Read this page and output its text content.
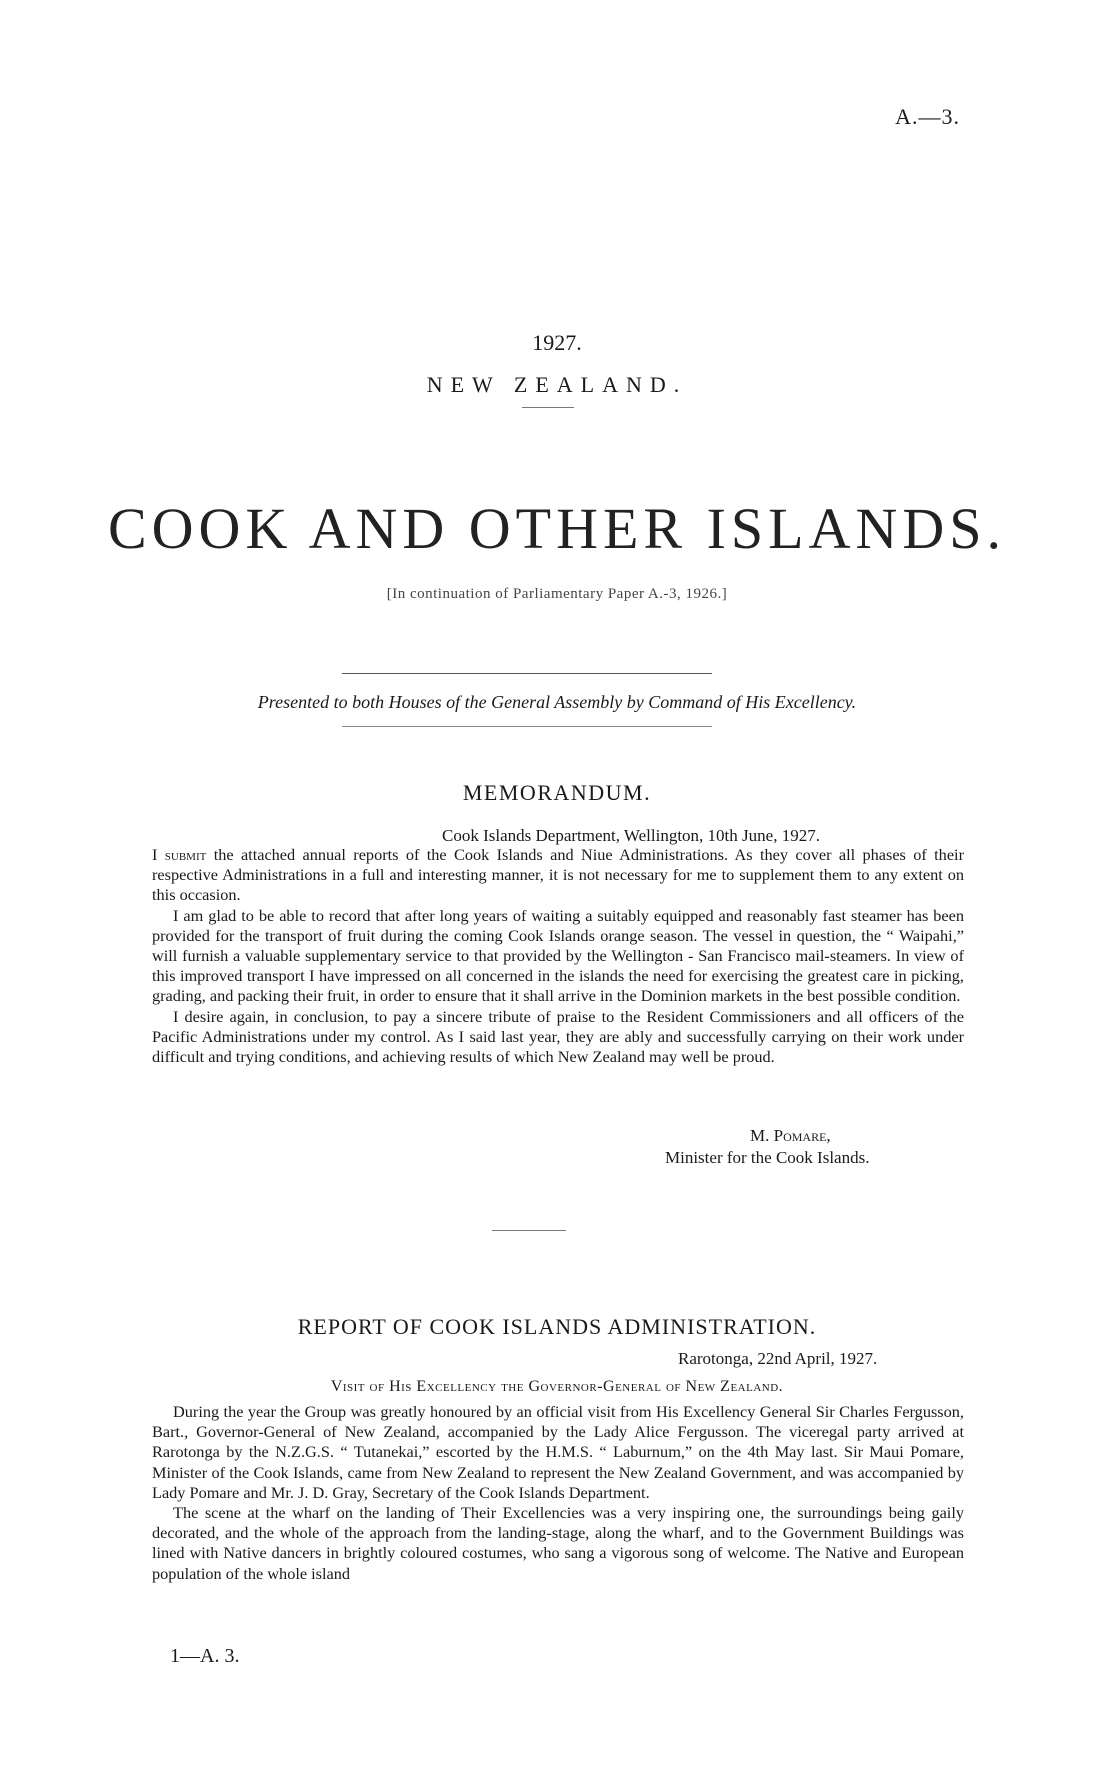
A.—3.
1927.
NEW ZEALAND.
COOK AND OTHER ISLANDS.
[In continuation of Parliamentary Paper A.-3, 1926.]
Presented to both Houses of the General Assembly by Command of His Excellency.
MEMORANDUM.
Cook Islands Department, Wellington, 10th June, 1927.

I submit the attached annual reports of the Cook Islands and Niue Administrations. As they cover all phases of their respective Administrations in a full and interesting manner, it is not necessary for me to supplement them to any extent on this occasion.

I am glad to be able to record that after long years of waiting a suitably equipped and reasonably fast steamer has been provided for the transport of fruit during the coming Cook Islands orange season. The vessel in question, the “ Waipahi,” will furnish a valuable supplementary service to that provided by the Wellington - San Francisco mail-steamers. In view of this improved transport I have impressed on all concerned in the islands the need for exercising the greatest care in picking, grading, and packing their fruit, in order to ensure that it shall arrive in the Dominion markets in the best possible condition.

I desire again, in conclusion, to pay a sincere tribute of praise to the Resident Commissioners and all officers of the Pacific Administrations under my control. As I said last year, they are ably and successfully carrying on their work under difficult and trying conditions, and achieving results of which New Zealand may well be proud.

M. Pomare,
Minister for the Cook Islands.
REPORT OF COOK ISLANDS ADMINISTRATION.
Rarotonga, 22nd April, 1927.
Visit of His Excellency the Governor-General of New Zealand.

During the year the Group was greatly honoured by an official visit from His Excellency General Sir Charles Fergusson, Bart., Governor-General of New Zealand, accompanied by the Lady Alice Fergusson. The viceregal party arrived at Rarotonga by the N.Z.G.S. “ Tutanekai,” escorted by the H.M.S. “ Laburnum,” on the 4th May last. Sir Maui Pomare, Minister of the Cook Islands, came from New Zealand to represent the New Zealand Government, and was accompanied by Lady Pomare and Mr. J. D. Gray, Secretary of the Cook Islands Department.

The scene at the wharf on the landing of Their Excellencies was a very inspiring one, the surroundings being gaily decorated, and the whole of the approach from the landing-stage, along the wharf, and to the Government Buildings was lined with Native dancers in brightly coloured costumes, who sang a vigorous song of welcome. The Native and European population of the whole island

1—A. 3.
